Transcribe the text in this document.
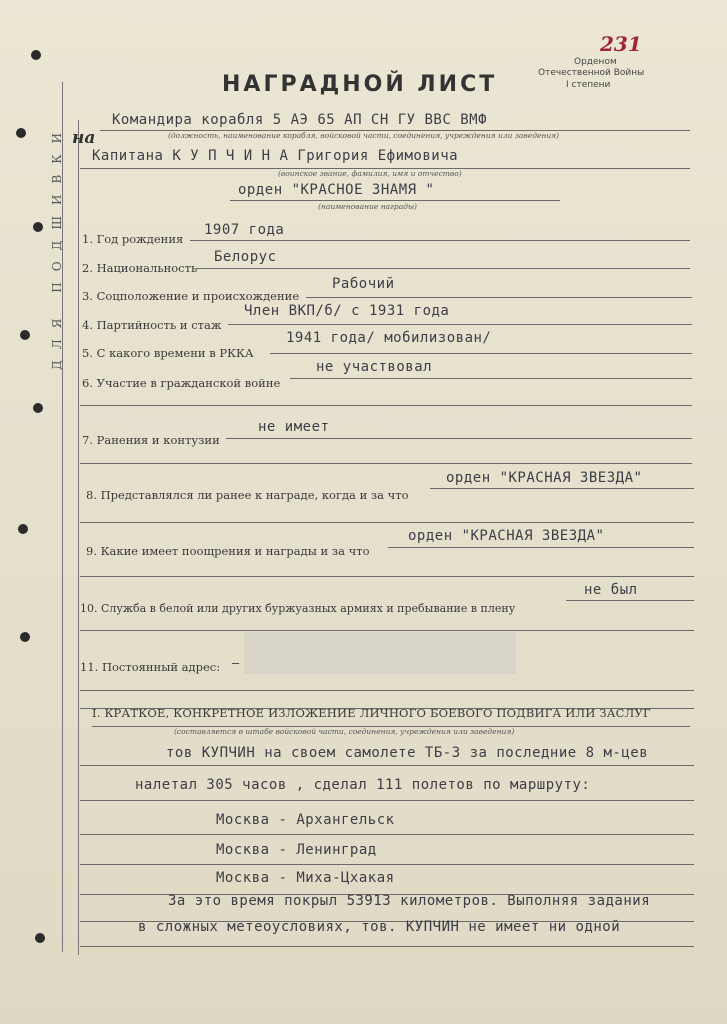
ДЛЯ ПОДШИВКИ
231
Орденом
Отечественной Войны
I степени
НАГРАДНОЙ ЛИСТ
на
Командира корабля 5 АЭ 65 АП СН ГУ ВВС ВМФ
(должность, наименование корабля, войсковой части, соединения, учреждения или заведения)
Капитана К У П Ч И Н А Григория Ефимовича
(воинское звание, фамилия, имя и отчество)
орден "КРАСНОЕ ЗНАМЯ "
(наименование награды)
1. Год рождения
1907 года
2. Национальность
Белорус
3. Соцположение и происхождение
Рабочий
4. Партийность и стаж
Член ВКП/б/ с 1931 года
5. С какого времени в РККА
1941 года/ мобилизован/
6. Участие в гражданской войне
не участвовал
7. Ранения и контузии
не имеет
8. Представлялся ли ранее к награде, когда и за что
орден "КРАСНАЯ ЗВЕЗДА"
9. Какие имеет поощрения и награды и за что
орден "КРАСНАЯ ЗВЕЗДА"
10. Служба в белой или других буржуазных армиях и пребывание в плену
не был
11. Постоянный адрес: —
I. КРАТКОЕ, КОНКРЕТНОЕ ИЗЛОЖЕНИЕ ЛИЧНОГО БОЕВОГО ПОДВИГА ИЛИ ЗАСЛУГ
(составляется в штабе войсковой части, соединения, учреждения или заведения)
тов КУПЧИН на своем самолете ТБ-3 за последние 8 м-цев
налетал 305 часов , сделал 111 полетов по маршруту:
Москва - Архангельск
Москва - Ленинград
Москва - Миха-Цхакая
За это время покрыл 53913 километров. Выполняя задания
в сложных метеоусловиях, тов. КУПЧИН не имеет ни одной
